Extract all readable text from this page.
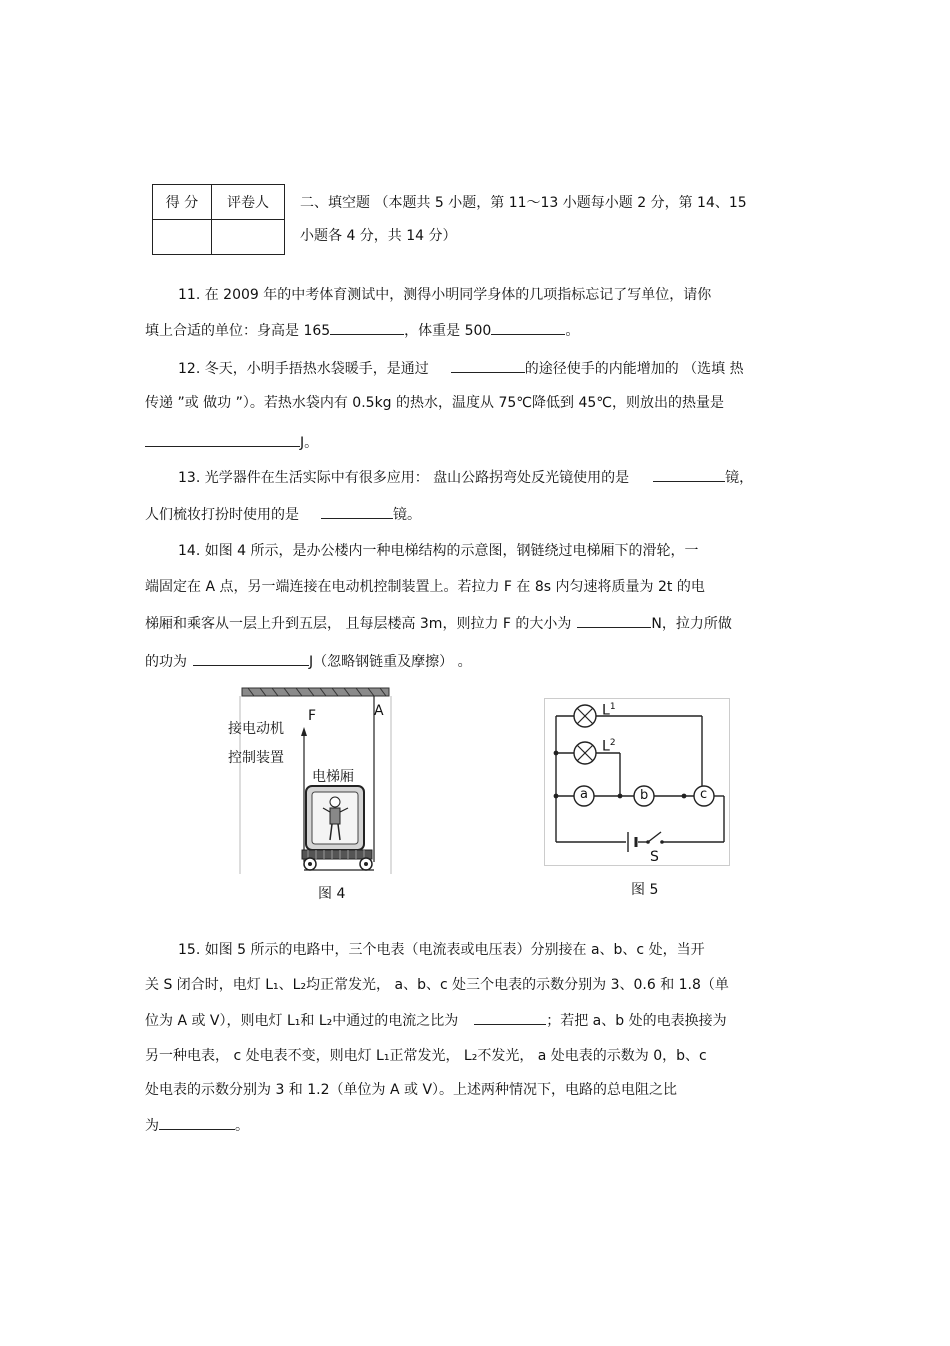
得 分	评卷人
	二、填空题 （本题共 5 小题，第 11～13 小题每小题 2 分，第 14、15
小题各 4 分，共 14 分）
11. 在 2009 年的中考体育测试中，测得小明同学身体的几项指标忘记了写单位，请你
填上合适的单位：身高是 165	，体重是 500	。
12. 冬天，小明手捂热水袋暖手，是通过	的途径使手的内能增加的 （选填 热
传递 ”或 做功 ”）。若热水袋内有 0.5kg 的热水，温度从 75℃降低到 45℃，则放出的热量是
J。
13. 光学器件在生活实际中有很多应用： 盘山公路拐弯处反光镜使用的是	镜，
人们梳妆打扮时使用的是	镜。
14. 如图 4 所示，是办公楼内一种电梯结构的示意图，钢链绕过电梯厢下的滑轮，一
端固定在 A 点，另一端连接在电动机控制装置上。若拉力 F 在 8s 内匀速将质量为 2t 的电
梯厢和乘客从一层上升到五层， 且每层楼高 3m，则拉力 F 的大小为	N，拉力所做
的功为	J（忽略钢链重及摩擦） 。
接电动机
控制装置
F	A
电梯厢
图 4
$L^1$
$L^2$
a	b	c
S
图 5
15. 如图 5 所示的电路中，三个电表（电流表或电压表）分别接在 a、b、c 处，当开
关 S 闭合时，电灯 L₁、L₂均正常发光， a、b、c 处三个电表的示数分别为 3、0.6 和 1.8（单
位为 A 或 V），则电灯 L₁和 L₂中通过的电流之比为	；若把 a、b 处的电表换接为
另一种电表， c 处电表不变，则电灯 L₁正常发光， L₂不发光， a 处电表的示数为 0，b、c
处电表的示数分别为 3 和 1.2（单位为 A 或 V）。上述两种情况下，电路的总电阻之比
为	。
